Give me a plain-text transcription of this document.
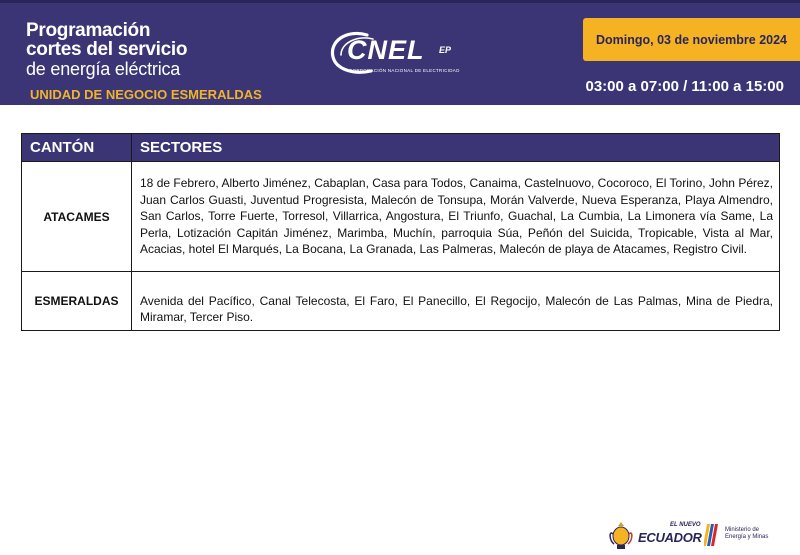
Programación
cortes del servicio
de energía eléctrica
UNIDAD DE NEGOCIO ESMERALDAS
CNEL EP
CORPORACIÓN NACIONAL DE ELECTRICIDAD
Domingo, 03 de noviembre 2024
03:00 a 07:00 / 11:00 a 15:00
CANTÓN	SECTORES
ATACAMES	18 de Febrero, Alberto Jiménez, Cabaplan, Casa para Todos, Canaima, Castelnuovo, Cocoroco, El Torino, John Pérez, Juan Carlos Guasti, Juventud Progresista, Malecón de Tonsupa, Morán Valverde, Nueva Esperanza, Playa Almendro, San Carlos, Torre Fuerte, Torresol, Villarrica, Angostura, El Triunfo, Guachal, La Cumbia, La Limonera vía Same, La Perla, Lotización Capitán Jiménez, Marimba, Muchín, parroquia Súa, Peñón del Suicida, Tropicable, Vista al Mar, Acacias, hotel El Marqués, La Bocana, La Granada, Las Palmeras, Malecón de playa de Atacames, Registro Civil.
ESMERALDAS	Avenida del Pacífico, Canal Telecosta, El Faro, El Panecillo, El Regocijo, Malecón de Las Palmas, Mina de Piedra, Miramar, Tercer Piso.
EL NUEVO
ECUADOR	Ministerio de
Energía y Minas
